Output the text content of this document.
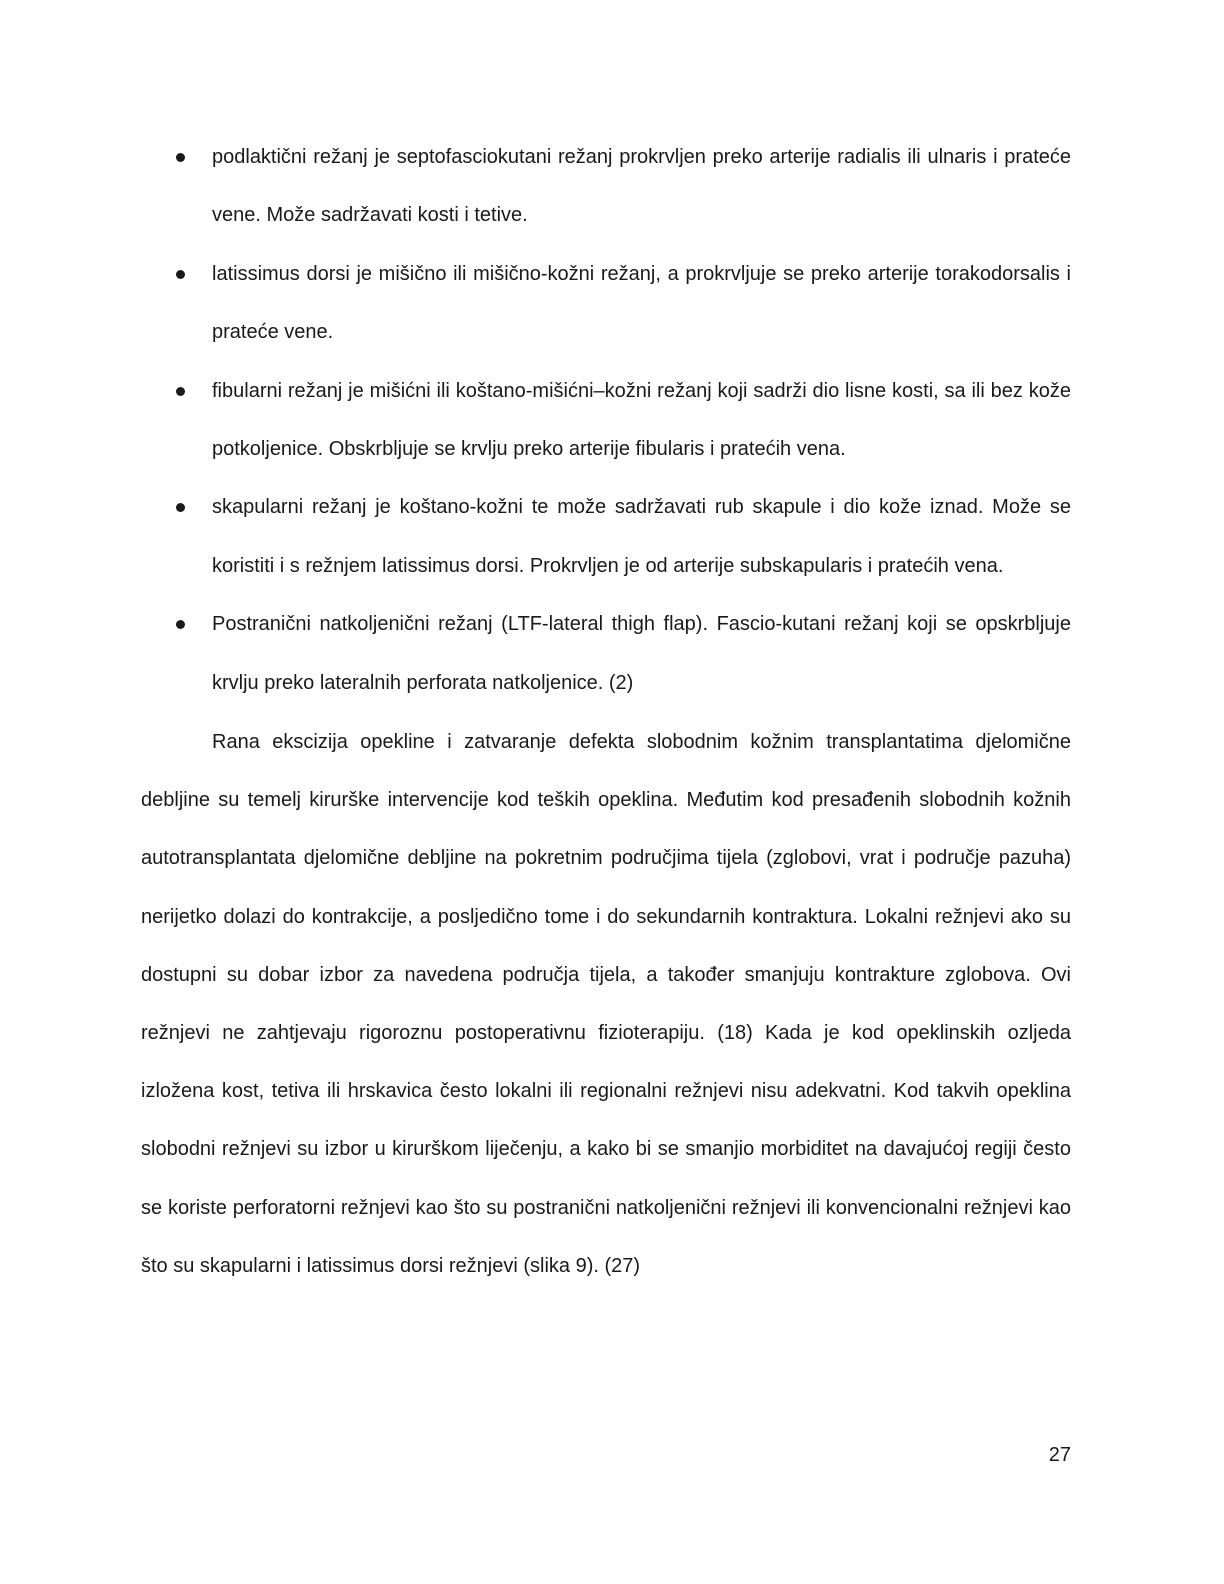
podlaktični režanj je septofasciokutani režanj prokrvljen preko arterije radialis ili ulnaris i prateće vene. Može sadržavati kosti i tetive.
latissimus dorsi je mišično ili mišično-kožni režanj, a prokrvljuje se preko arterije torakodorsalis i prateće vene.
fibularni režanj je mišićni ili koštano-mišićni–kožni režanj koji sadrži dio lisne kosti, sa ili bez kože potkoljenice. Obskrbljuje se krvlju preko arterije fibularis i pratećih vena.
skapularni režanj je koštano-kožni te može sadržavati rub skapule i dio kože iznad. Može se koristiti i s režnjem latissimus dorsi. Prokrvljen je od arterije subskapularis i pratećih vena.
Postranični natkoljenični režanj (LTF-lateral thigh flap). Fascio-kutani režanj koji se opskrbljuje krvlju preko lateralnih perforata natkoljenice. (2)

Rana ekscizija opekline i zatvaranje defekta slobodnim kožnim transplantatima djelomične debljine su temelj kirurške intervencije kod teških opeklina. Međutim kod presađenih slobodnih kožnih autotransplantata djelomične debljine na pokretnim područjima tijela (zglobovi, vrat i područje pazuha) nerijetko dolazi do kontrakcije, a posljedično tome i do sekundarnih kontraktura. Lokalni režnjevi ako su dostupni su dobar izbor za navedena područja tijela, a također smanjuju kontrakture zglobova. Ovi režnjevi ne zahtjevaju rigoroznu postoperativnu fizioterapiju. (18) Kada je kod opeklinskih ozljeda izložena kost, tetiva ili hrskavica često lokalni ili regionalni režnjevi nisu adekvatni. Kod takvih opeklina slobodni režnjevi su izbor u kirurškom liječenju, a kako bi se smanjio morbiditet na davajućoj regiji često se koriste perforatorni režnjevi kao što su postranični natkoljenični režnjevi ili konvencionalni režnjevi kao što su skapularni i latissimus dorsi režnjevi (slika 9). (27)

27
